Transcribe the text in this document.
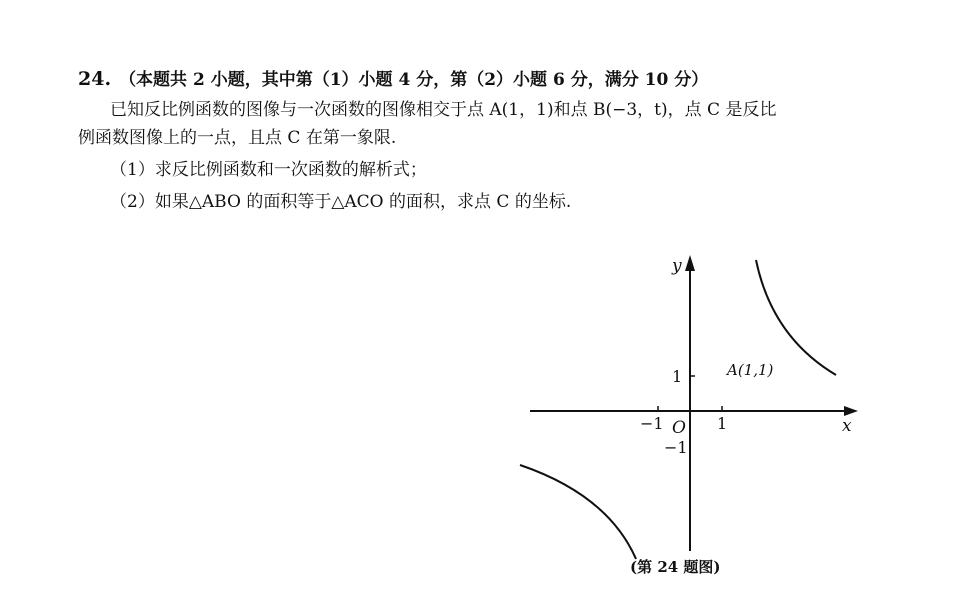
24. （本题共 2 小题，其中第（1）小题 4 分，第（2）小题 6 分，满分 10 分）
已知反比例函数的图像与一次函数的图像相交于点 A(1，1)和点 B(−3，t)，点 C 是反比
例函数图像上的一点，且点 C 在第一象限.
（1）求反比例函数和一次函数的解析式；
（2）如果△ABO 的面积等于△ACO 的面积，求点 C 的坐标.
y
x
O 1
−1
1
−1
A(1,1)
(第 24 题图)
